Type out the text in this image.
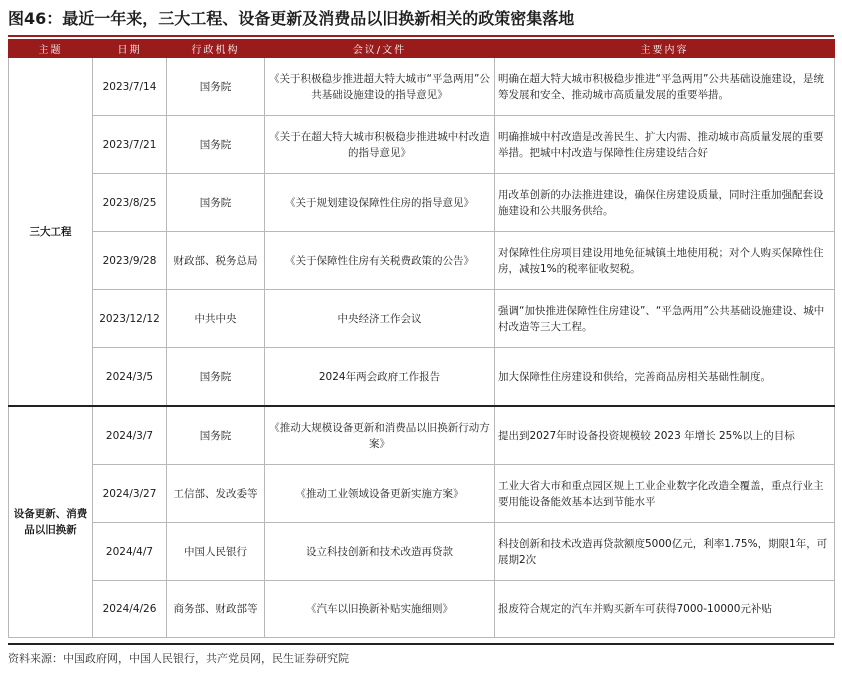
图46：最近一年来，三大工程、设备更新及消费品以旧换新相关的政策密集落地
主题	日期	行政机构	会议/文件	主要内容
三大工程	2023/7/14	国务院	《关于积极稳步推进超大特大城市“平急两用”公共基础设施建设的指导意见》	明确在超大特大城市积极稳步推进“平急两用”公共基础设施建设，是统筹发展和安全、推动城市高质量发展的重要举措。
	2023/7/21	国务院	《关于在超大特大城市积极稳步推进城中村改造的指导意见》	明确推城中村改造是改善民生、扩大内需、推动城市高质量发展的重要举措。把城中村改造与保障性住房建设结合好
	2023/8/25	国务院	《关于规划建设保障性住房的指导意见》	用改革创新的办法推进建设，确保住房建设质量，同时注重加强配套设施建设和公共服务供给。
	2023/9/28	财政部、税务总局	《关于保障性住房有关税费政策的公告》	对保障性住房项目建设用地免征城镇土地使用税；对个人购买保障性住房，减按1%的税率征收契税。
	2023/12/12	中共中央	中央经济工作会议	强调“加快推进保障性住房建设”、“平急两用”公共基础设施建设、城中村改造等三大工程。
	2024/3/5	国务院	2024年两会政府工作报告	加大保障性住房建设和供给，完善商品房相关基础性制度。
设备更新、消费品以旧换新	2024/3/7	国务院	《推动大规模设备更新和消费品以旧换新行动方案》	提出到2027年时设备投资规模较 2023 年增长 25%以上的目标
	2024/3/27	工信部、发改委等	《推动工业领域设备更新实施方案》	工业大省大市和重点园区规上工业企业数字化改造全覆盖，重点行业主要用能设备能效基本达到节能水平
	2024/4/7	中国人民银行	设立科技创新和技术改造再贷款	科技创新和技术改造再贷款额度5000亿元，利率1.75%，期限1年，可展期2次
	2024/4/26	商务部、财政部等	《汽车以旧换新补贴实施细则》	报废符合规定的汽车并购买新车可获得7000-10000元补贴
资料来源：中国政府网，中国人民银行，共产党员网，民生证券研究院
